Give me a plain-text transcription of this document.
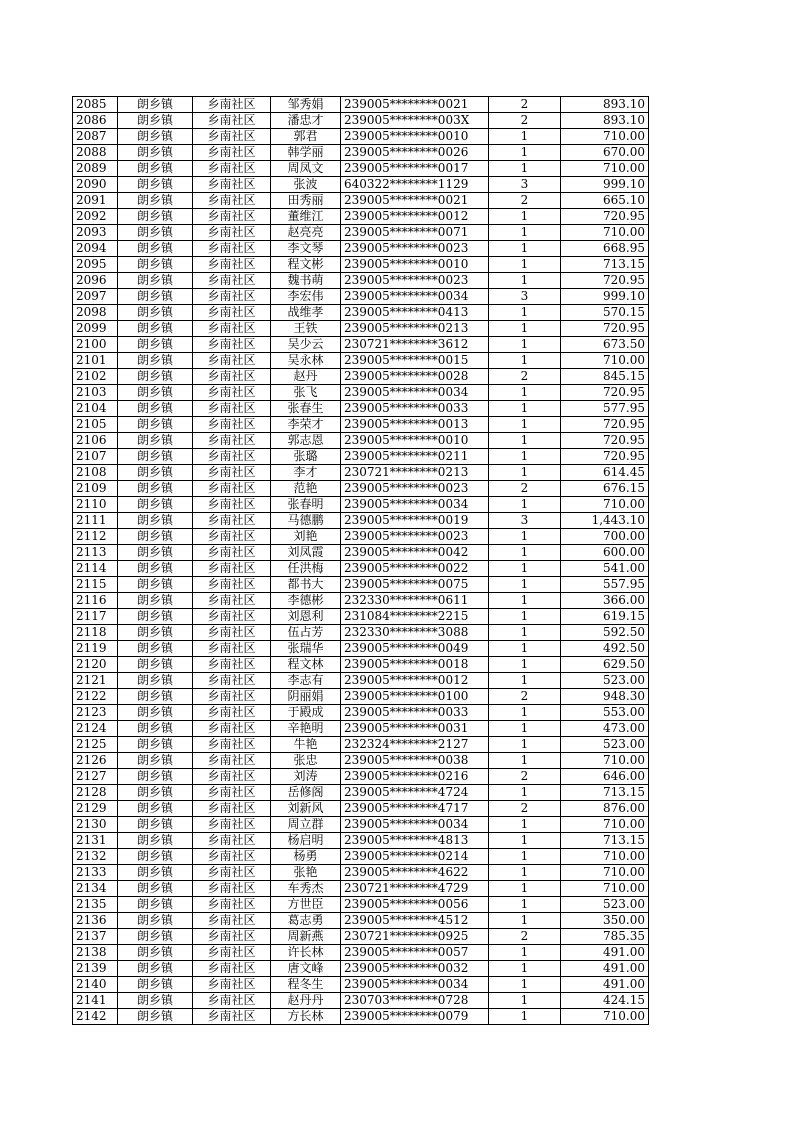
2085	朗乡镇	乡南社区	邹秀娟	239005********0021	2	893.10
2086	朗乡镇	乡南社区	潘忠才	239005********003X	2	893.10
2087	朗乡镇	乡南社区	郭君	239005********0010	1	710.00
2088	朗乡镇	乡南社区	韩学丽	239005********0026	1	670.00
2089	朗乡镇	乡南社区	周凤文	239005********0017	1	710.00
2090	朗乡镇	乡南社区	张波	640322********1129	3	999.10
2091	朗乡镇	乡南社区	田秀丽	239005********0021	2	665.10
2092	朗乡镇	乡南社区	董维江	239005********0012	1	720.95
2093	朗乡镇	乡南社区	赵亮亮	239005********0071	1	710.00
2094	朗乡镇	乡南社区	李文琴	239005********0023	1	668.95
2095	朗乡镇	乡南社区	程文彬	239005********0010	1	713.15
2096	朗乡镇	乡南社区	魏书萌	239005********0023	1	720.95
2097	朗乡镇	乡南社区	李宏伟	239005********0034	3	999.10
2098	朗乡镇	乡南社区	战维孝	239005********0413	1	570.15
2099	朗乡镇	乡南社区	王铁	239005********0213	1	720.95
2100	朗乡镇	乡南社区	吴少云	230721********3612	1	673.50
2101	朗乡镇	乡南社区	吴永林	239005********0015	1	710.00
2102	朗乡镇	乡南社区	赵丹	239005********0028	2	845.15
2103	朗乡镇	乡南社区	张飞	239005********0034	1	720.95
2104	朗乡镇	乡南社区	张春生	239005********0033	1	577.95
2105	朗乡镇	乡南社区	李荣才	239005********0013	1	720.95
2106	朗乡镇	乡南社区	郭志恩	239005********0010	1	720.95
2107	朗乡镇	乡南社区	张璐	239005********0211	1	720.95
2108	朗乡镇	乡南社区	李才	230721********0213	1	614.45
2109	朗乡镇	乡南社区	范艳	239005********0023	2	676.15
2110	朗乡镇	乡南社区	张春明	239005********0034	1	710.00
2111	朗乡镇	乡南社区	马德鹏	239005********0019	3	1,443.10
2112	朗乡镇	乡南社区	刘艳	239005********0023	1	700.00
2113	朗乡镇	乡南社区	刘凤霞	239005********0042	1	600.00
2114	朗乡镇	乡南社区	任洪梅	239005********0022	1	541.00
2115	朗乡镇	乡南社区	都书大	239005********0075	1	557.95
2116	朗乡镇	乡南社区	李德彬	232330********0611	1	366.00
2117	朗乡镇	乡南社区	刘恩利	231084********2215	1	619.15
2118	朗乡镇	乡南社区	伍占芳	232330********3088	1	592.50
2119	朗乡镇	乡南社区	张瑞华	239005********0049	1	492.50
2120	朗乡镇	乡南社区	程文林	239005********0018	1	629.50
2121	朗乡镇	乡南社区	李志有	239005********0012	1	523.00
2122	朗乡镇	乡南社区	阴丽娟	239005********0100	2	948.30
2123	朗乡镇	乡南社区	于殿成	239005********0033	1	553.00
2124	朗乡镇	乡南社区	辛艳明	239005********0031	1	473.00
2125	朗乡镇	乡南社区	牛艳	232324********2127	1	523.00
2126	朗乡镇	乡南社区	张忠	239005********0038	1	710.00
2127	朗乡镇	乡南社区	刘涛	239005********0216	2	646.00
2128	朗乡镇	乡南社区	岳修阁	239005********4724	1	713.15
2129	朗乡镇	乡南社区	刘新风	239005********4717	2	876.00
2130	朗乡镇	乡南社区	周立群	239005********0034	1	710.00
2131	朗乡镇	乡南社区	杨启明	239005********4813	1	713.15
2132	朗乡镇	乡南社区	杨勇	239005********0214	1	710.00
2133	朗乡镇	乡南社区	张艳	239005********4622	1	710.00
2134	朗乡镇	乡南社区	车秀杰	230721********4729	1	710.00
2135	朗乡镇	乡南社区	方世臣	239005********0056	1	523.00
2136	朗乡镇	乡南社区	葛志勇	239005********4512	1	350.00
2137	朗乡镇	乡南社区	周新燕	230721********0925	2	785.35
2138	朗乡镇	乡南社区	许长林	239005********0057	1	491.00
2139	朗乡镇	乡南社区	唐文峰	239005********0032	1	491.00
2140	朗乡镇	乡南社区	程冬生	239005********0034	1	491.00
2141	朗乡镇	乡南社区	赵丹丹	230703********0728	1	424.15
2142	朗乡镇	乡南社区	方长林	239005********0079	1	710.00
